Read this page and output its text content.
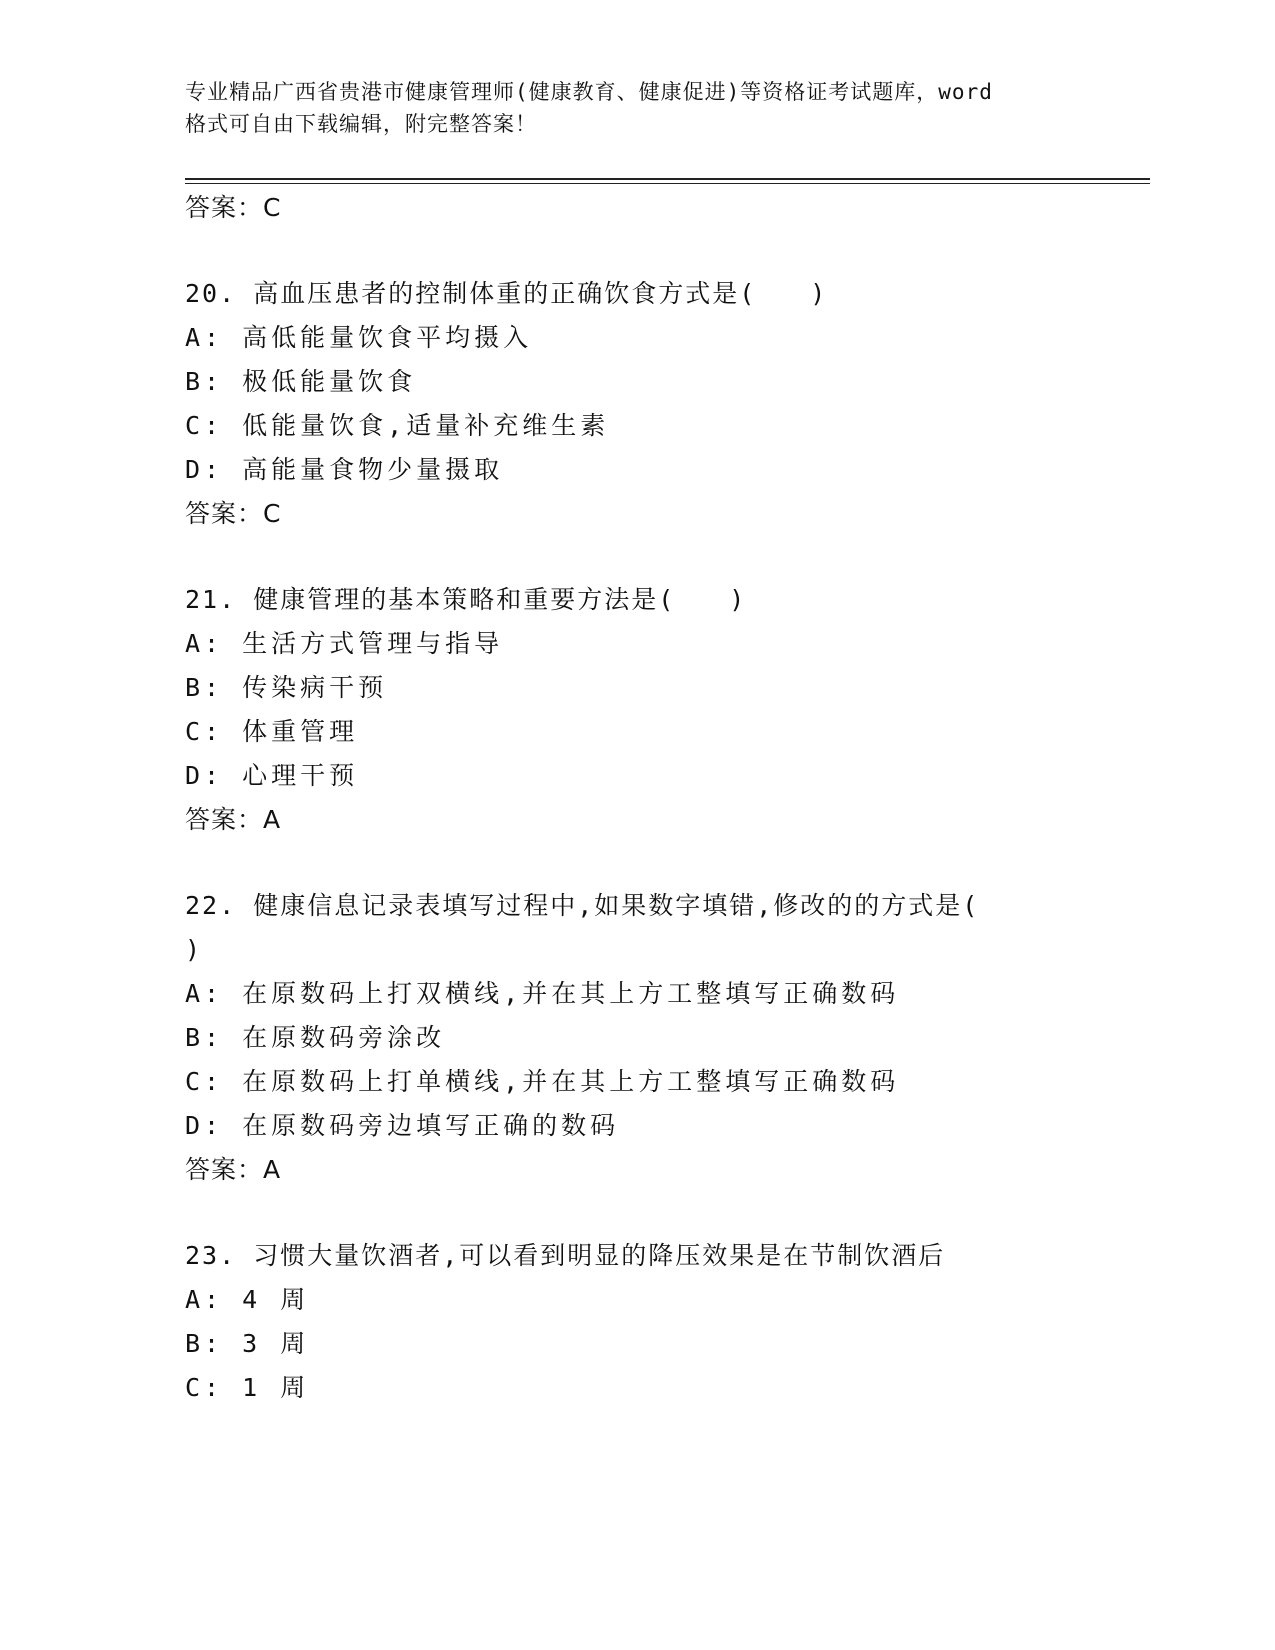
专业精品广西省贵港市健康管理师(健康教育、健康促进)等资格证考试题库，word
格式可自由下载编辑，附完整答案！
答案：C
20. 高血压患者的控制体重的正确饮食方式是(　　)
A: 高低能量饮食平均摄入
B: 极低能量饮食
C: 低能量饮食,适量补充维生素
D: 高能量食物少量摄取
答案：C
21. 健康管理的基本策略和重要方法是(　　)
A: 生活方式管理与指导
B: 传染病干预
C: 体重管理
D: 心理干预
答案：A
22. 健康信息记录表填写过程中,如果数字填错,修改的的方式是(
)
A: 在原数码上打双横线,并在其上方工整填写正确数码
B: 在原数码旁涂改
C: 在原数码上打单横线,并在其上方工整填写正确数码
D: 在原数码旁边填写正确的数码
答案：A
23. 习惯大量饮酒者,可以看到明显的降压效果是在节制饮酒后
A: 4 周
B: 3 周
C: 1 周
